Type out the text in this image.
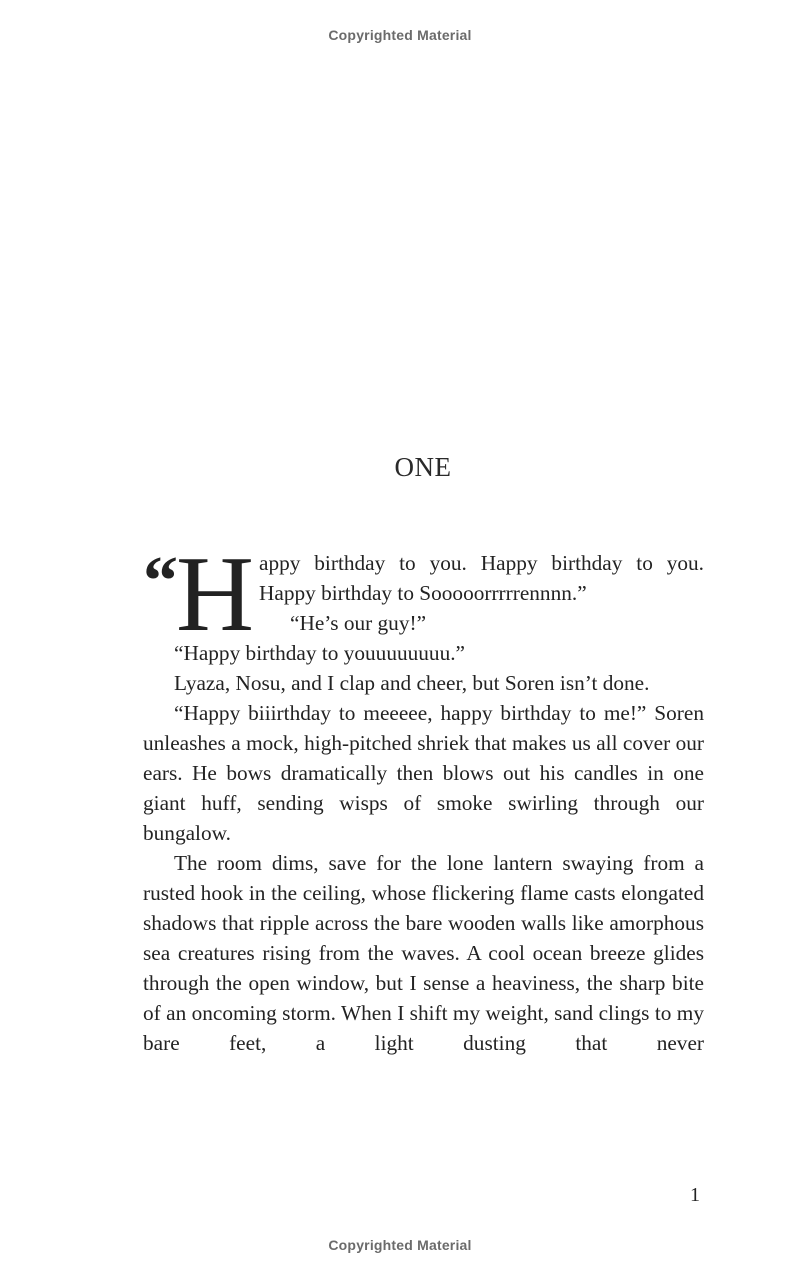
Copyrighted Material
ONE

“ H appy birthday to you. Happy birthday to you. Happy birthday to Sooooorrrrrennnn.”

“He’s our guy!”

“Happy birthday to youuuuuuuu.”

Lyaza, Nosu, and I clap and cheer, but Soren isn’t done.

“Happy biiirthday to meeeee, happy birthday to me!” Soren unleashes a mock, high-pitched shriek that makes us all cover our ears. He bows dramatically then blows out his candles in one giant huff, sending wisps of smoke swirling through our bungalow.

The room dims, save for the lone lantern swaying from a rusted hook in the ceiling, whose flickering flame casts elongated shadows that ripple across the bare wooden walls like amorphous sea creatures rising from the waves. A cool ocean breeze glides through the open window, but I sense a heaviness, the sharp bite of an oncoming storm. When I shift my weight, sand clings to my bare feet, a light dusting that never

1
Copyrighted Material
